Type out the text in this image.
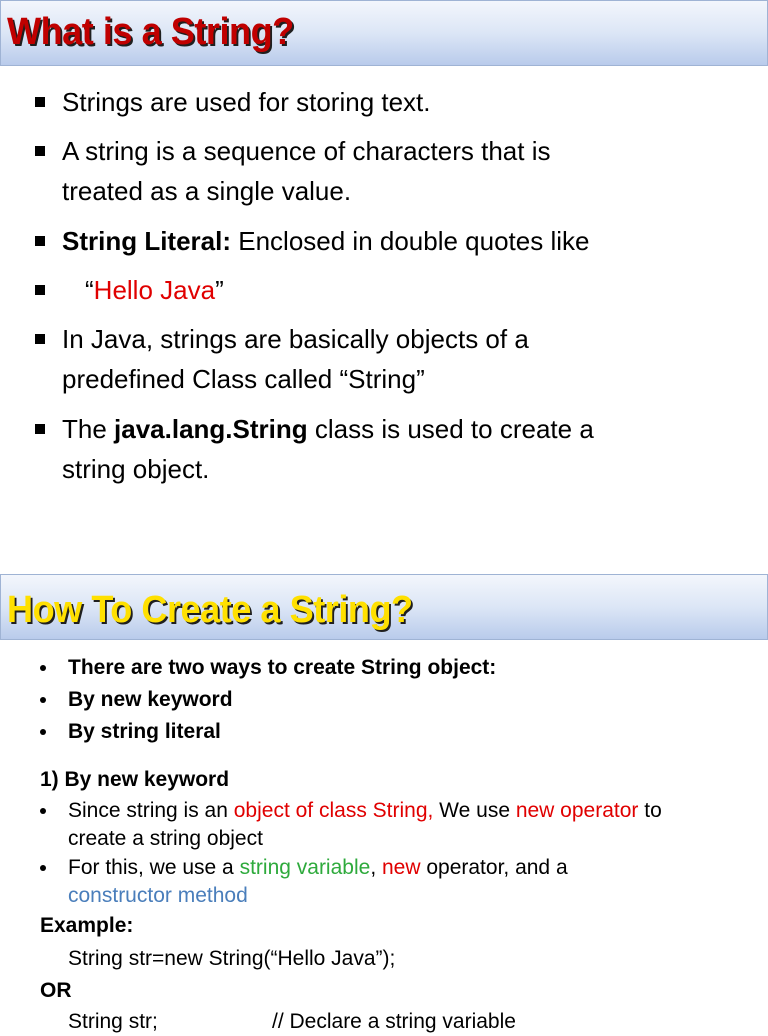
What is a String?
Strings are used for storing text.
A string is a sequence of characters that is
treated as a single value.
String Literal: Enclosed in double quotes like
“Hello Java”
In Java, strings are basically objects of a
predefined Class called “String”
The java.lang.String class is used to create a
string object.
How To Create a String?
There are two ways to create String object:
By new keyword
By string literal
1) By new keyword
Since string is an object of class String, We use new operator to
create a string object
For this, we use a string variable, new operator, and a
constructor method
Example:
String str=new String(“Hello Java”);
OR
String str;	// Declare a string variable
